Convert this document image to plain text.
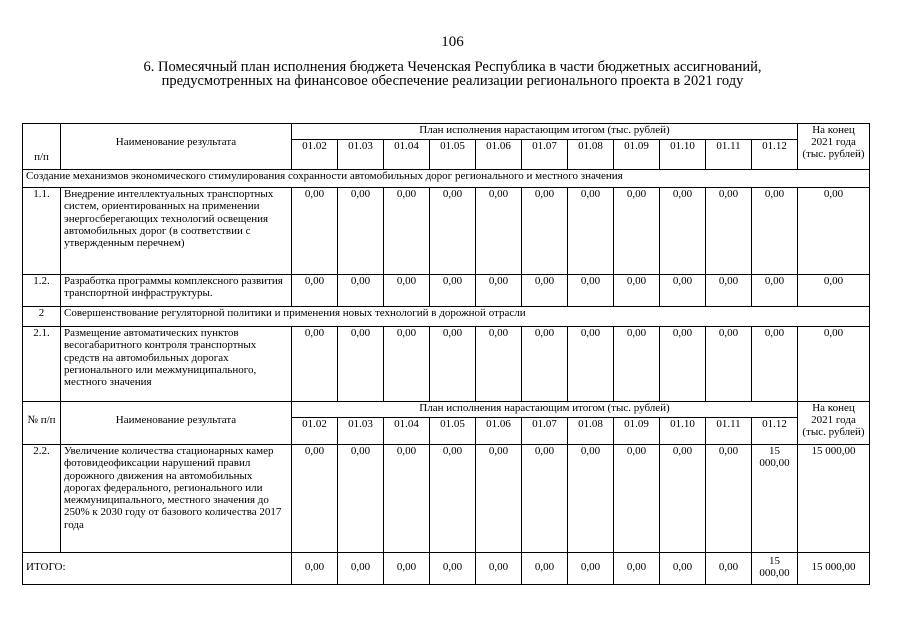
106
6. Помесячный план исполнения бюджета Чеченская Республика в части бюджетных ассигнований,
предусмотренных на финансовое обеспечение реализации регионального проекта в 2021 году
п/п	Наименование результата	План исполнения нарастающим итогом (тыс. рублей)											На конец 2021 года (тыс. рублей)
		01.02	01.03	01.04	01.05	01.06	01.07	01.08	01.09	01.10	01.11	01.12	
Создание механизмов экономического стимулирования сохранности автомобильных дорог регионального и местного значения													
1.1.	Внедрение интеллектуальных транспортных систем, ориентированных на применении энергосберегающих технологий освещения автомобильных дорог (в соответствии с утвержденным перечнем)	0,00	0,00	0,00	0,00	0,00	0,00	0,00	0,00	0,00	0,00	0,00	0,00
1.2.	Разработка программы комплексного развития транспортной инфраструктуры.	0,00	0,00	0,00	0,00	0,00	0,00	0,00	0,00	0,00	0,00	0,00	0,00
2	Совершенствование регуляторной политики и применения новых технологий в дорожной отрасли												
2.1.	Размещение автоматических пунктов весогабаритного контроля транспортных средств на автомобильных дорогах регионального или межмуниципального, местного значения	0,00	0,00	0,00	0,00	0,00	0,00	0,00	0,00	0,00	0,00	0,00	0,00
№ п/п	Наименование результата	План исполнения нарастающим итогом (тыс. рублей)											На конец 2021 года (тыс. рублей)
		01.02	01.03	01.04	01.05	01.06	01.07	01.08	01.09	01.10	01.11	01.12	
2.2.	Увеличение количества стационарных камер фотовидеофиксации нарушений правил дорожного движения на автомобильных дорогах федерального, регионального или межмуниципального, местного значения до 250% к 2030 году от базового количества 2017 года	0,00	0,00	0,00	0,00	0,00	0,00	0,00	0,00	0,00	0,00	15 000,00	15 000,00
ИТОГО:		0,00	0,00	0,00	0,00	0,00	0,00	0,00	0,00	0,00	0,00	15 000,00	15 000,00
